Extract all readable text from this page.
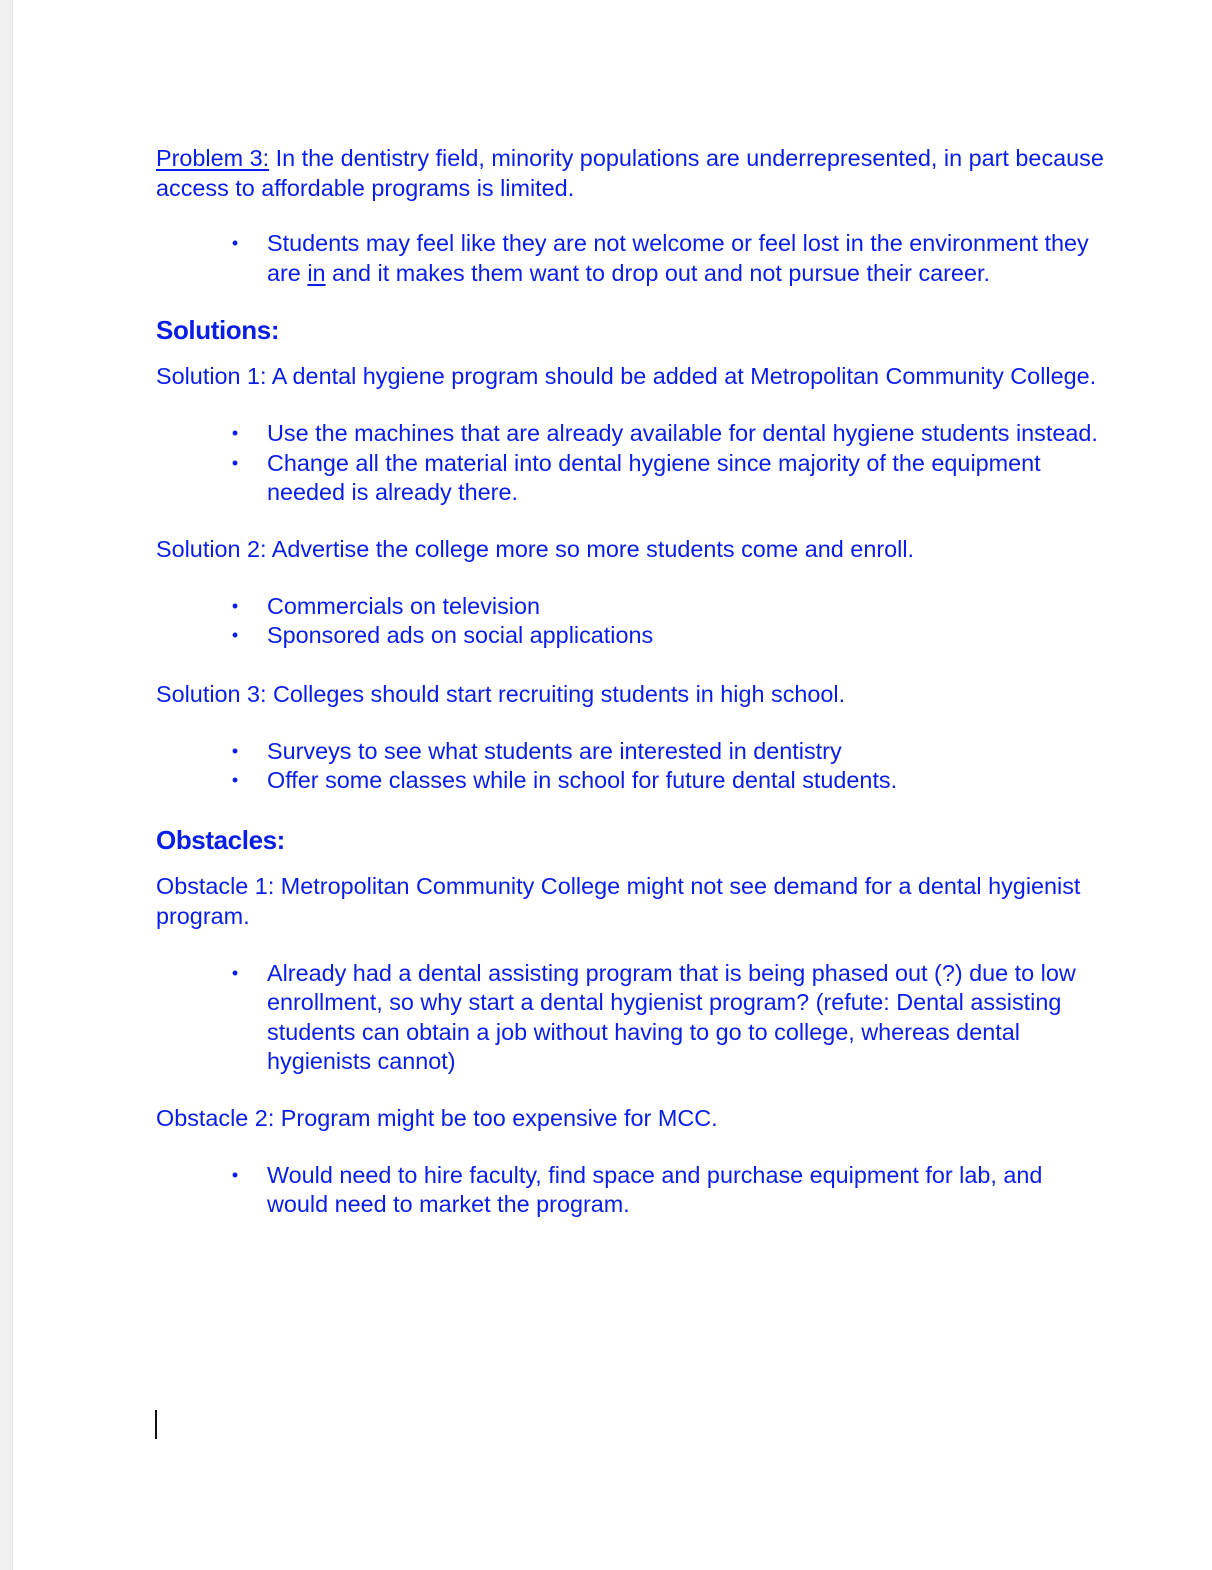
Problem 3: In the dentistry field, minority populations are underrepresented, in part because access to affordable programs is limited.

• Students may feel like they are not welcome or feel lost in the environment they are in and it makes them want to drop out and not pursue their career.
Solutions:

Solution 1: A dental hygiene program should be added at Metropolitan Community College.

• Use the machines that are already available for dental hygiene students instead.
• Change all the material into dental hygiene since majority of the equipment needed is already there.

Solution 2: Advertise the college more so more students come and enroll.

• Commercials on television
• Sponsored ads on social applications

Solution 3: Colleges should start recruiting students in high school.

• Surveys to see what students are interested in dentistry
• Offer some classes while in school for future dental students.
Obstacles:

Obstacle 1: Metropolitan Community College might not see demand for a dental hygienist program.

• Already had a dental assisting program that is being phased out (?) due to low enrollment, so why start a dental hygienist program? (refute: Dental assisting students can obtain a job without having to go to college, whereas dental hygienists cannot)

Obstacle 2: Program might be too expensive for MCC.

• Would need to hire faculty, find space and purchase equipment for lab, and would need to market the program.
